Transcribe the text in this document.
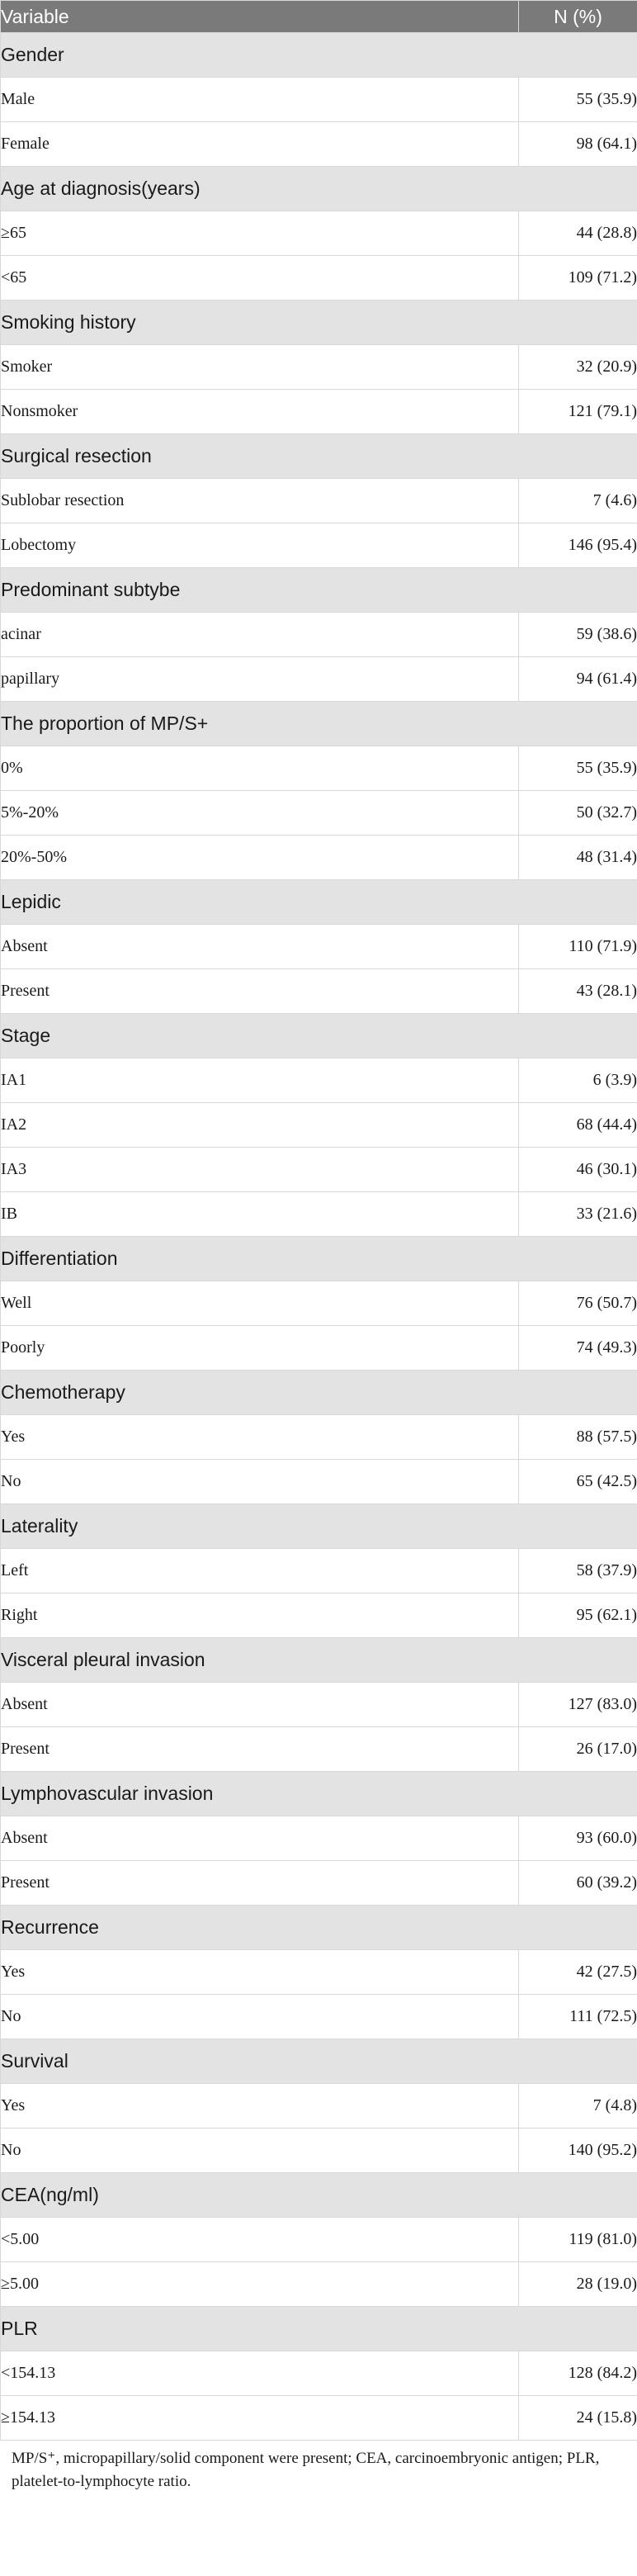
Variable	N (%)
Gender	
Male	55 (35.9)
Female	98 (64.1)
Age at diagnosis(years)	
≥65	44 (28.8)
<65	109 (71.2)
Smoking history	
Smoker	32 (20.9)
Nonsmoker	121 (79.1)
Surgical resection	
Sublobar resection	7 (4.6)
Lobectomy	146 (95.4)
Predominant subtybe	
acinar	59 (38.6)
papillary	94 (61.4)
The proportion of MP/S+	
0%	55 (35.9)
5%-20%	50 (32.7)
20%-50%	48 (31.4)
Lepidic	
Absent	110 (71.9)
Present	43 (28.1)
Stage	
IA1	6 (3.9)
IA2	68 (44.4)
IA3	46 (30.1)
IB	33 (21.6)
Differentiation	
Well	76 (50.7)
Poorly	74 (49.3)
Chemotherapy	
Yes	88 (57.5)
No	65 (42.5)
Laterality	
Left	58 (37.9)
Right	95 (62.1)
Visceral pleural invasion	
Absent	127 (83.0)
Present	26 (17.0)
Lymphovascular invasion	
Absent	93 (60.0)
Present	60 (39.2)
Recurrence	
Yes	42 (27.5)
No	111 (72.5)
Survival	
Yes	7 (4.8)
No	140 (95.2)
CEA(ng/ml)	
<5.00	119 (81.0)
≥5.00	28 (19.0)
PLR	
<154.13	128 (84.2)
≥154.13	24 (15.8)
MP/S⁺, micropapillary/solid component were present; CEA, carcinoembryonic antigen; PLR, platelet-to-lymphocyte ratio.
